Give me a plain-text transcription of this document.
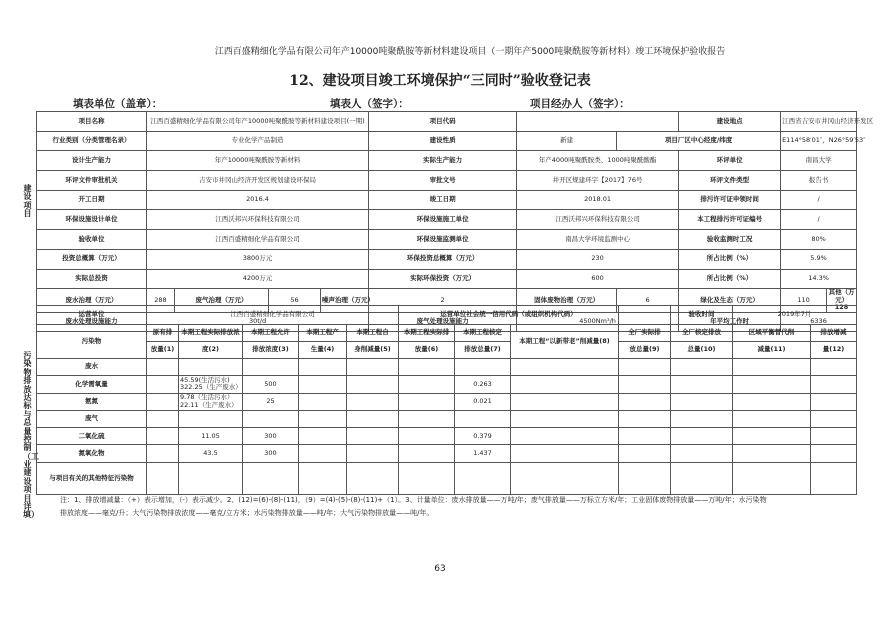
江西百盛精细化学品有限公司年产10000吨聚酰胺等新材料建设项目（一期年产5000吨聚酰胺等新材料）竣工环境保护验收报告
12、建设项目竣工环境保护“三同时”验收登记表
填表单位（盖章）：	填表人（签字）：	项目经办人（签字）：
建设项目
项目名称	江西百盛精细化学品有限公司年产10000吨聚酰胺等新材料建设项目(一期)				项目代码			建设地点	江西省吉安市井冈山经济开发区	
行业类别（分类管理名录）	专业化学产品制造				建设性质	新建	项目厂区中心经度/纬度		E114°58′01″，N26°59′53″	
设计生产能力	年产10000吨聚酰胺等新材料				实际生产能力	年产4000吨聚酰胺类、1000吨聚酰酸酯		环评单位	南昌大学	
环评文件审批机关	吉安市井冈山经济开发区规划建设环保局				审批文号	井开区规建环字【2017】76号		环评文件类型	报告书	
开工日期	2016.4				竣工日期	2018.01		排污许可证申领时间	/	
环保设施设计单位	江西沃邦兴环保科技有限公司				环保设施施工单位	江西沃邦兴环保科技有限公司		本工程排污许可证编号	/	
验收单位	江西百盛精细化学品有限公司				环保设施监测单位	南昌大学环境监测中心		验收监测时工况	80%	
投资总概算（万元）	3800万元				环保投资总概算（万元）	230		所占比例（%）	5.9%	
实际总投资	4200万元				实际环保投资（万元）	600		所占比例（%）	14.3%	
废水治理（万元）	288	废气治理（万元）	56	噪声治理（万元）	2	固体废物治理（万元）	6	绿化及生态（万元）	110	其他（万元） 128
废水处理设施能力	30t/d				废气处理设施能力	4500Nm³/h		年平均工作时	6336	
污染物排放达标与总量控制（工业建设项目详填）
运营单位	江西百盛精细化学品有限公司					运营单位社会统一信用代码（或组织机构代码）				验收时间	2019年7月	
污染物	原有排	本期工程实际排放浓	本期工程允许	本期工程产	本期工程自	本期工程实际排	本期工程核定	本期工程“以新带老”削减量(8)	全厂实际排	全厂核定排放	区域平衡替代削	排放增减
	放量(1)	度(2)	排放浓度(3)	生量(4)	身削减量(5)	放量(6)	排放总量(7)		放总量(9)	总量(10)	减量(11)	量(12)
废水												
化学需氧量		45.59(生活污水)
322.25（生产废水）	500				0.263					
氨氮		9.78（生活污水）
22.11（生产废水）	25				0.021					
废气												
二氧化硫		11.05	300				0.379					
氮氧化物		43.5	300				1.437					
与项目有关的其他特征污染物												
注：1、排放增减量：（+）表示增加，（-）表示减少。2、(12)=(6)-(8)-(11)，（9）=(4)-(5)-(8)-(11)+（1）。3、计量单位：废水排放量——万吨/年；废气排放量——万标立方米/年；工业固体废物排放量——万吨/年；水污染物
排放浓度——毫克/升；大气污染物排放浓度——毫克/立方米；水污染物排放量——吨/年；大气污染物排放量——吨/年。
63
